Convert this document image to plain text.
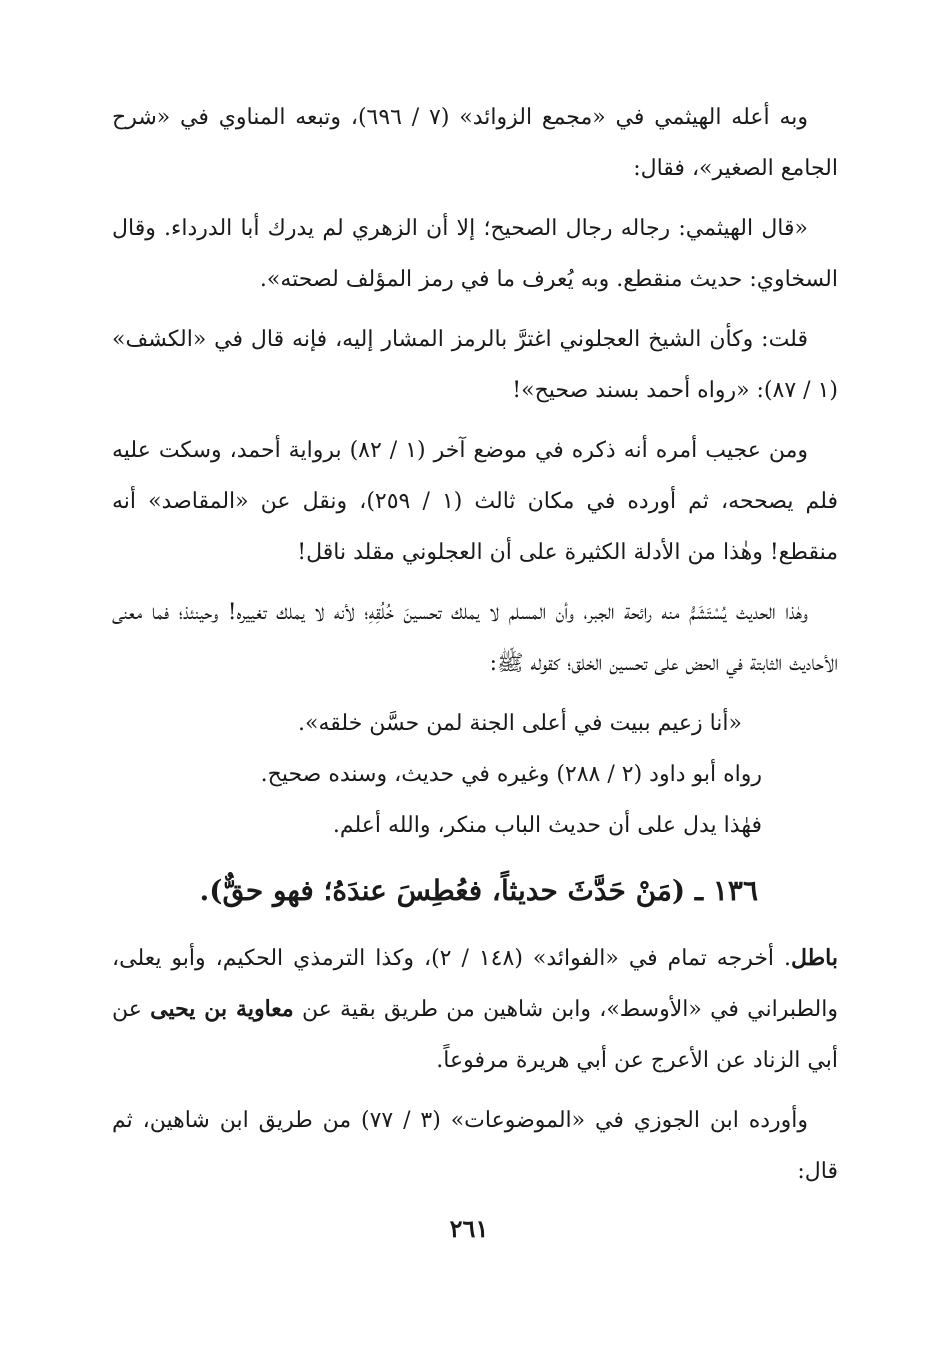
وبه أعله الهيثمي في «مجمع الزوائد» (٧ / ٦٩٦)، وتبعه المناوي في «شرح الجامع الصغير»، فقال:

«قال الهيثمي: رجاله رجال الصحيح؛ إلا أن الزهري لم يدرك أبا الدرداء. وقال السخاوي: حديث منقطع. وبه يُعرف ما في رمز المؤلف لصحته».

قلت: وكأن الشيخ العجلوني اغترَّ بالرمز المشار إليه، فإنه قال في «الكشف» (١ / ٨٧): «رواه أحمد بسند صحيح»!

ومن عجيب أمره أنه ذكره في موضع آخر (١ / ٨٢) برواية أحمد، وسكت عليه فلم يصححه، ثم أورده في مكان ثالث (١ / ٢٥٩)، ونقل عن «المقاصد» أنه منقطع! وهٰذا من الأدلة الكثيرة على أن العجلوني مقلد ناقل!

وهٰذا الحديث يُسْتَشَمُّ منه رائحة الجبر، وأن المسلم لا يملك تحسينَ خُلُقِهِ؛ لأنه لا يملك تغييره! وحينئذ؛ فما معنى الأحاديث الثابتة في الحض على تحسين الخلق؛ كقوله ﷺ:

«أنا زعيم ببيت في أعلى الجنة لمن حسَّن خلقه».

رواه أبو داود (٢ / ٢٨٨) وغيره في حديث، وسنده صحيح.

فهٰذا يدل على أن حديث الباب منكر، والله أعلم.

١٣٦ ـ (مَنْ حَدَّثَ حديثاً، فعُطِسَ عندَهُ؛ فهو حقٌّ).

باطل. أخرجه تمام في «الفوائد» (١٤٨ / ٢)، وكذا الترمذي الحكيم، وأبو يعلى، والطبراني في «الأوسط»، وابن شاهين من طريق بقية عن معاوية بن يحيى عن أبي الزناد عن الأعرج عن أبي هريرة مرفوعاً.

وأورده ابن الجوزي في «الموضوعات» (٣ / ٧٧) من طريق ابن شاهين، ثم قال:

٢٦١
